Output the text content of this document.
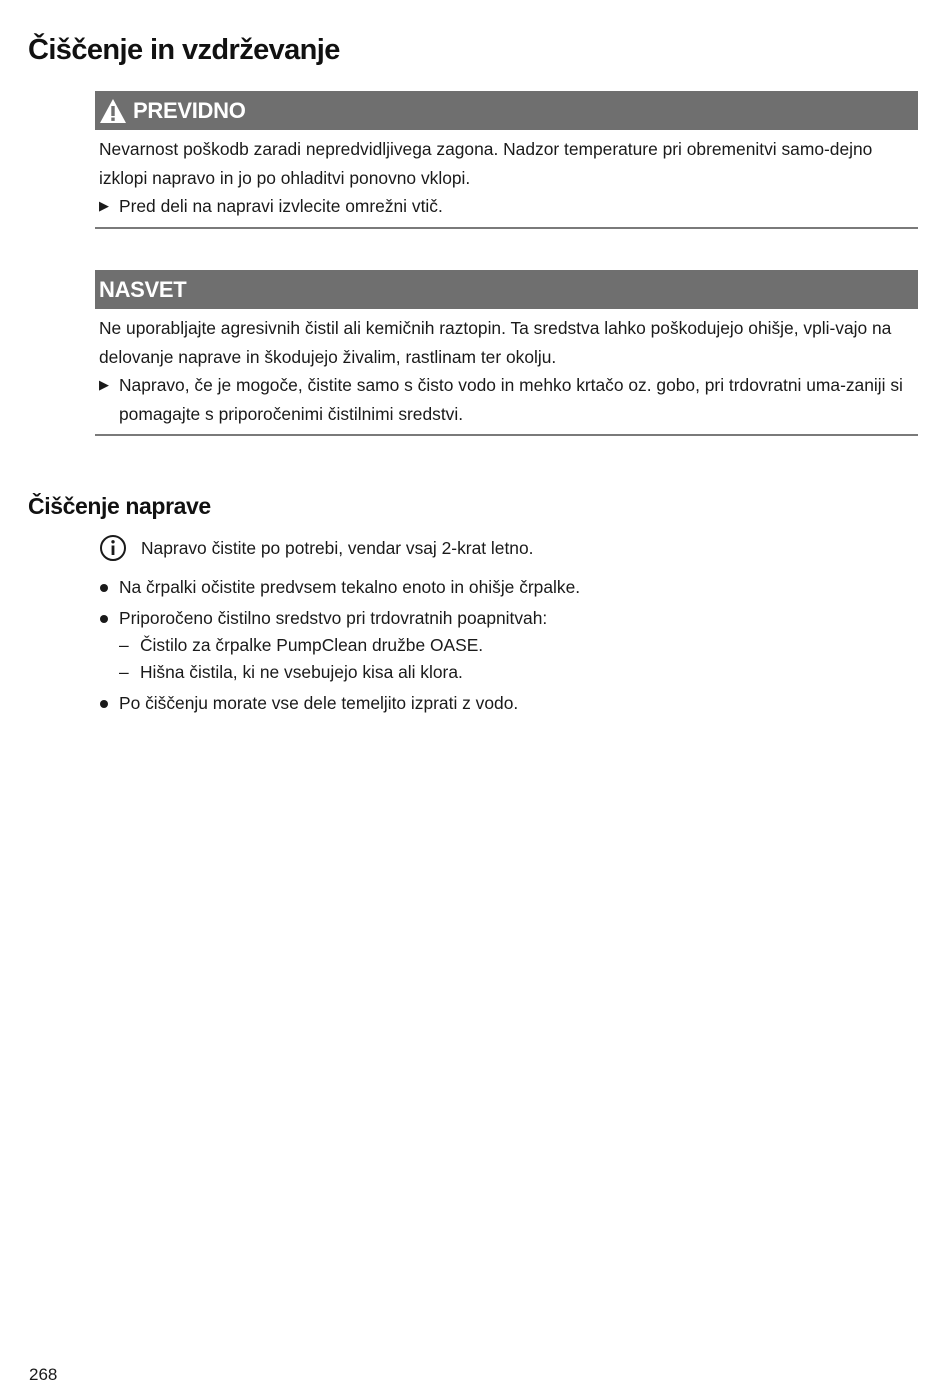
Čiščenje in vzdrževanje
PREVIDNO

Nevarnost poškodb zaradi nepredvidljivega zagona. Nadzor temperature pri obremenitvi samo-dejno izklopi napravo in jo po ohladitvi ponovno vklopi.

▶ Pred deli na napravi izvlecite omrežni vtič.
NASVET

Ne uporabljajte agresivnih čistil ali kemičnih raztopin. Ta sredstva lahko poškodujejo ohišje, vpli-vajo na delovanje naprave in škodujejo živalim, rastlinam ter okolju.

▶ Napravo, če je mogoče, čistite samo s čisto vodo in mehko krtačo oz. gobo, pri trdovratni uma-zaniji si pomagajte s priporočenimi čistilnimi sredstvi.
Čiščenje naprave
Napravo čistite po potrebi, vendar vsaj 2-krat letno.
Na črpalki očistite predvsem tekalno enoto in ohišje črpalke.
Priporočeno čistilno sredstvo pri trdovratnih poapnitvah:
– Čistilo za črpalke PumpClean družbe OASE.
– Hišna čistila, ki ne vsebujejo kisa ali klora.
Po čiščenju morate vse dele temeljito izprati z vodo.
268
